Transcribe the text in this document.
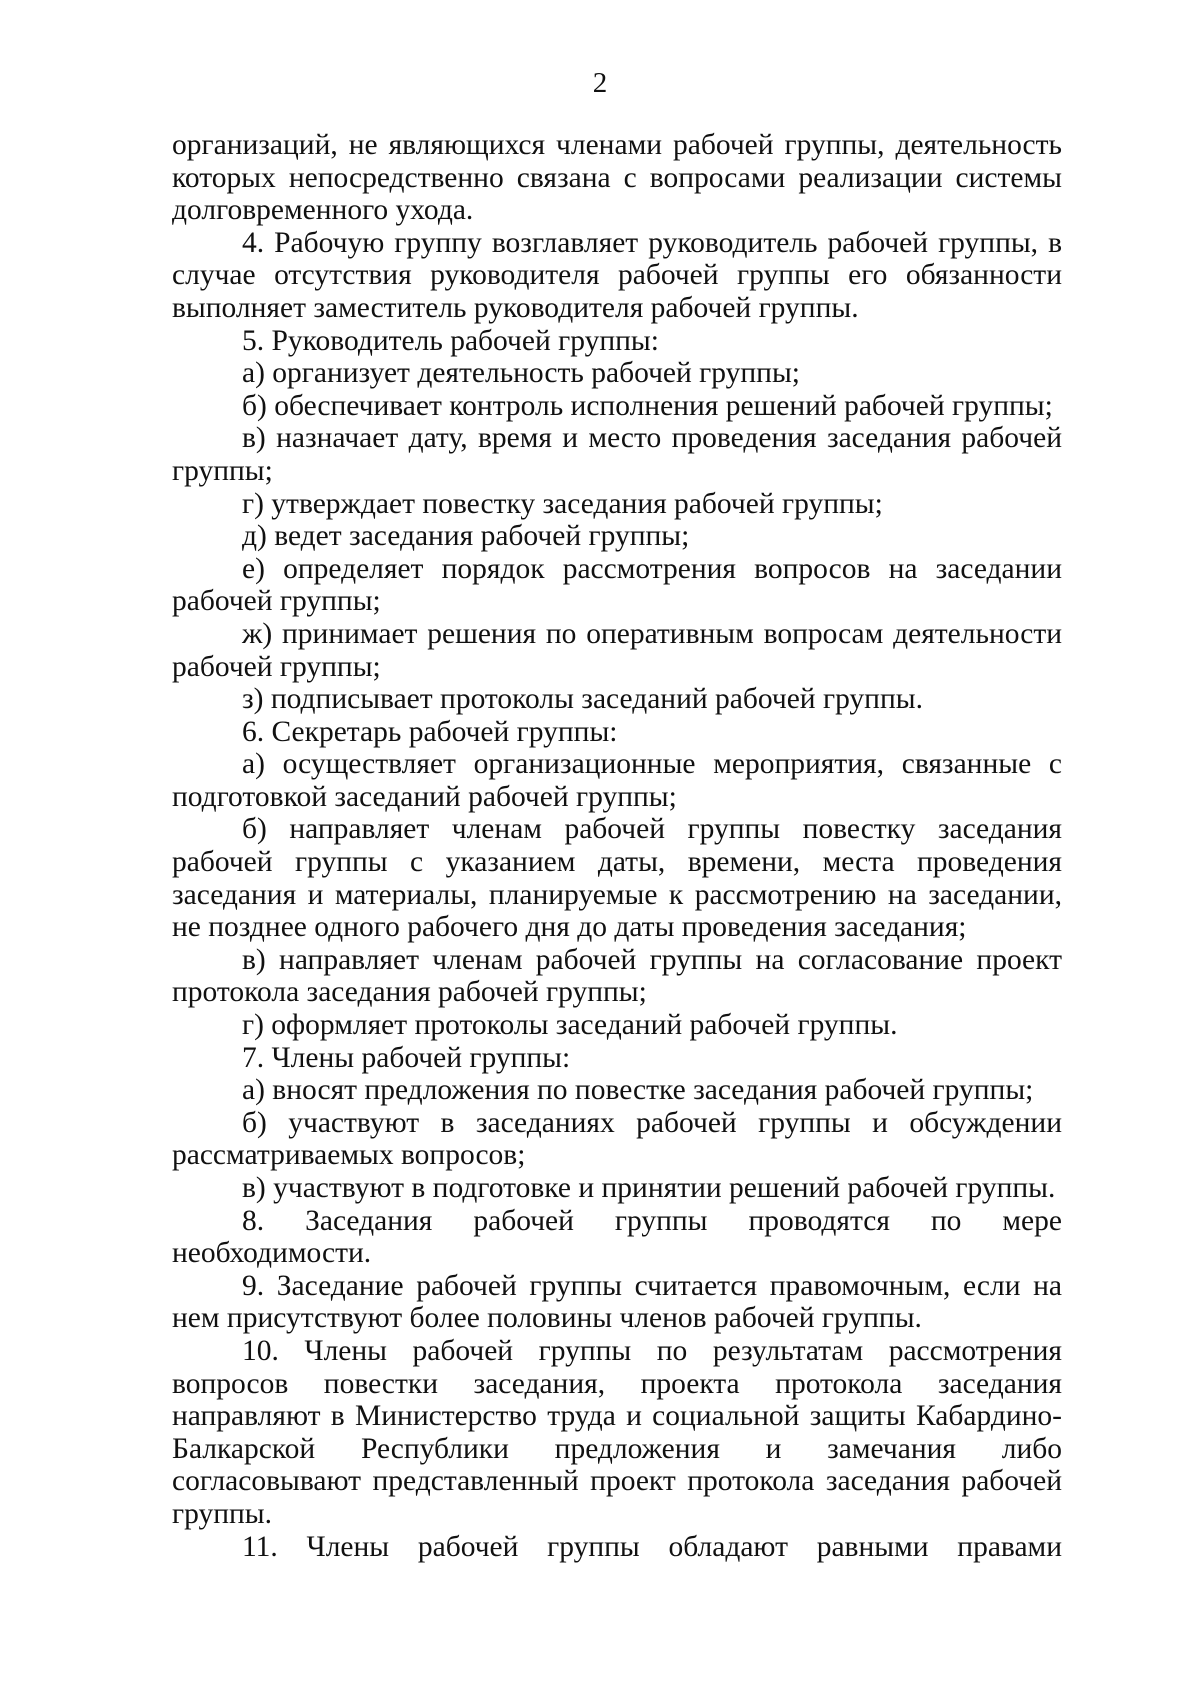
2

организаций, не являющихся членами рабочей группы, деятельность которых непосредственно связана с вопросами реализации системы долговременного ухода.

4. Рабочую группу возглавляет руководитель рабочей группы, в случае отсутствия руководителя рабочей группы его обязанности выполняет заместитель руководителя рабочей группы.

5. Руководитель рабочей группы:

а) организует деятельность рабочей группы;

б) обеспечивает контроль исполнения решений рабочей группы;

в) назначает дату, время и место проведения заседания рабочей группы;

г) утверждает повестку заседания рабочей группы;

д) ведет заседания рабочей группы;

е) определяет порядок рассмотрения вопросов на заседании рабочей группы;

ж) принимает решения по оперативным вопросам деятельности рабочей группы;

з) подписывает протоколы заседаний рабочей группы.

6. Секретарь рабочей группы:

а) осуществляет организационные мероприятия, связанные с подготовкой заседаний рабочей группы;

б) направляет членам рабочей группы повестку заседания рабочей группы с указанием даты, времени, места проведения заседания и материалы, планируемые к рассмотрению на заседании, не позднее одного рабочего дня до даты проведения заседания;

в) направляет членам рабочей группы на согласование проект протокола заседания рабочей группы;

г) оформляет протоколы заседаний рабочей группы.

7. Члены рабочей группы:

а) вносят предложения по повестке заседания рабочей группы;

б) участвуют в заседаниях рабочей группы и обсуждении рассматриваемых вопросов;

в) участвуют в подготовке и принятии решений рабочей группы.

8. Заседания рабочей группы проводятся по мере необходимости.

9. Заседание рабочей группы считается правомочным, если на нем присутствуют более половины членов рабочей группы.

10. Члены рабочей группы по результатам рассмотрения вопросов повестки заседания, проекта протокола заседания направляют в Министерство труда и социальной защиты Кабардино-Балкарской Республики предложения и замечания либо согласовывают представленный проект протокола заседания рабочей группы.

11. Члены рабочей группы обладают равными правами
